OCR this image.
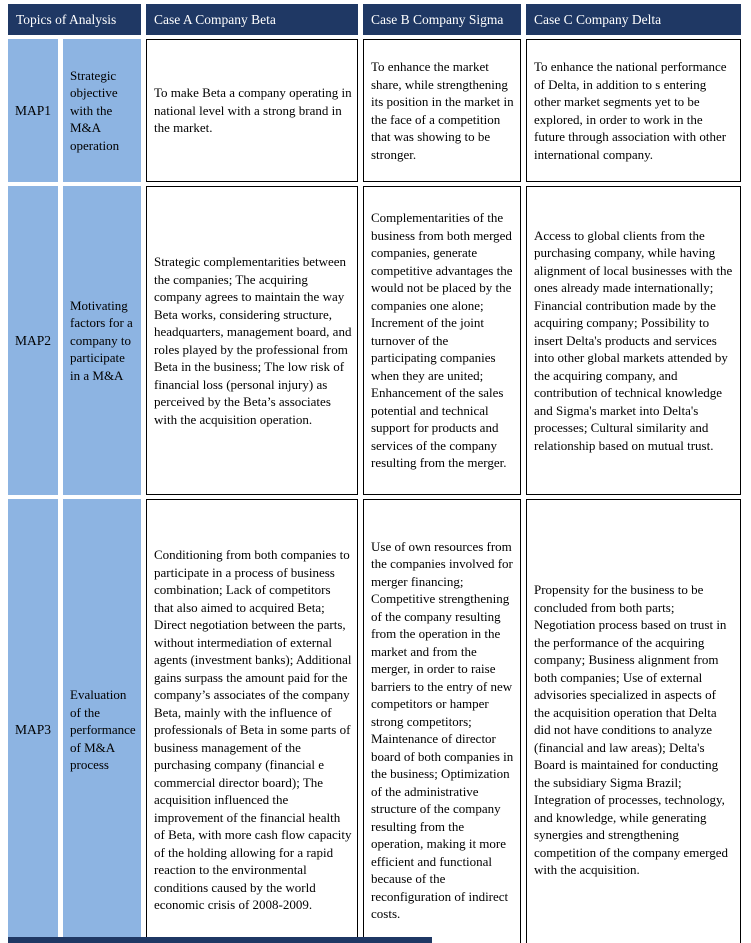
Topics of Analysis		Case A Company Beta	Case B Company Sigma	Case C Company Delta
MAP1	Strategic objective with the M&A operation	To make Beta a company operating in national level with a strong brand in the market.	To enhance the market share, while strengthening its position in the market in the face of a competition that was showing to be stronger.	To enhance the national performance of Delta, in addition to s entering other market segments yet to be explored, in order to work in the future through association with other international company.
MAP2	Motivating factors for a company to participate in a M&A	Strategic complementarities between the companies; The acquiring company agrees to maintain the way Beta works, considering structure, headquarters, management board, and roles played by the professional from Beta in the business; The low risk of financial loss (personal injury) as perceived by the Beta’s associates with the acquisition operation.	Complementarities of the business from both merged companies, generate competitive advantages the would not be placed by the companies one alone; Increment of the joint turnover of the participating companies when they are united; Enhancement of the sales potential and technical support for products and services of the company resulting from the merger.	Access to global clients from the purchasing company, while having alignment of local businesses with the ones already made internationally; Financial contribution made by the acquiring company; Possibility to insert Delta's products and services into other global markets attended by the acquiring company, and contribution of technical knowledge and Sigma's market into Delta's processes; Cultural similarity and relationship based on mutual trust.
MAP3	Evaluation of the performance of M&A process	Conditioning from both companies to participate in a process of business combination; Lack of competitors that also aimed to acquired Beta; Direct negotiation between the parts, without intermediation of external agents (investment banks); Additional gains surpass the amount paid for the company’s associates of the company Beta, mainly with the influence of professionals of Beta in some parts of business management of the purchasing company (financial e commercial director board); The acquisition influenced the improvement of the financial health of Beta, with more cash flow capacity of the holding allowing for a rapid reaction to the environmental conditions caused by the world economic crisis of 2008-2009.	Use of own resources from the companies involved for merger financing; Competitive strengthening of the company resulting from the operation in the market and from the merger, in order to raise barriers to the entry of new competitors or hamper strong competitors; Maintenance of director board of both companies in the business; Optimization of the administrative structure of the company resulting from the operation, making it more efficient and functional because of the reconfiguration of indirect costs.	Propensity for the business to be concluded from both parts; Negotiation process based on trust in the performance of the acquiring company; Business alignment from both companies; Use of external advisories specialized in aspects of the acquisition operation that Delta did not have conditions to analyze (financial and law areas); Delta's Board is maintained for conducting the subsidiary Sigma Brazil; Integration of processes, technology, and knowledge, while generating synergies and strengthening competition of the company emerged with the acquisition.
